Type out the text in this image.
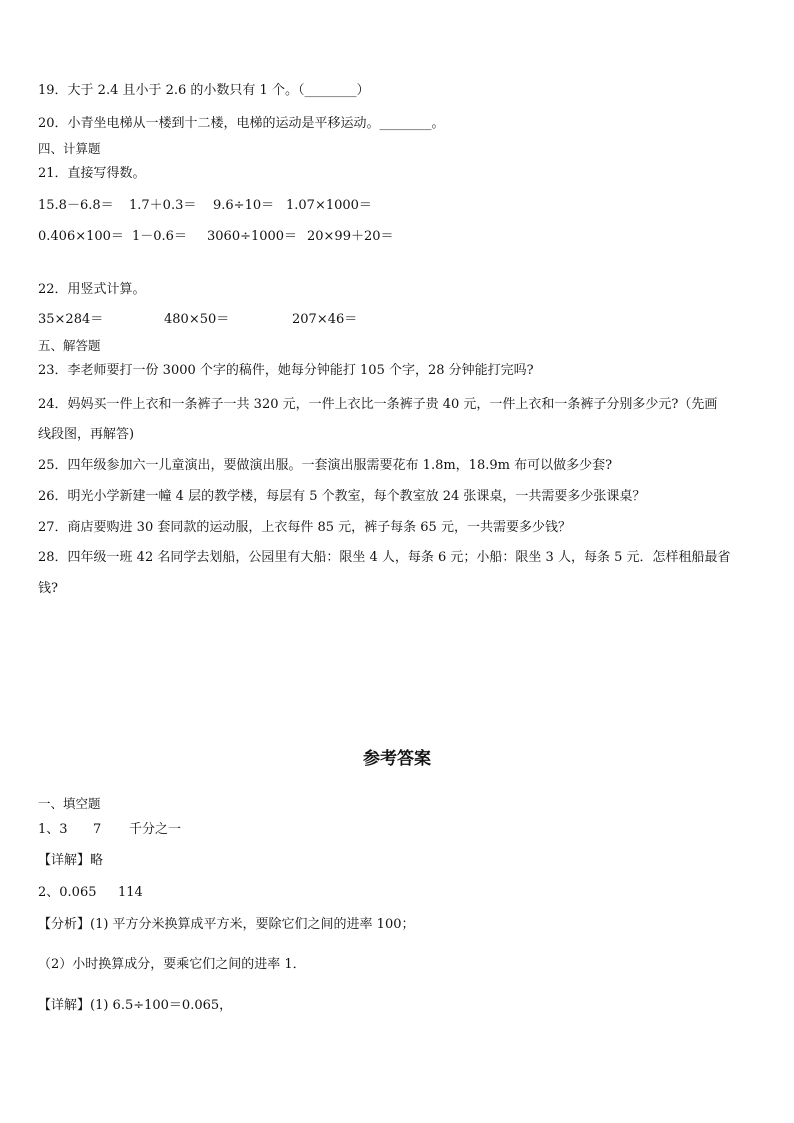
19．大于 2.4 且小于 2.6 的小数只有 1 个。（________）
20．小青坐电梯从一楼到十二楼，电梯的运动是平移运动。________。
四、计算题
21．直接写得数。
15.8－6.8＝	1.7＋0.3＝	9.6÷10＝ 1.07×1000＝
0.406×100＝ 1－0.6＝	3060÷1000＝ 20×99＋20＝
22．用竖式计算。
35×284＝	480×50＝	207×46＝
五、解答题
23．李老师要打一份 3000 个字的稿件，她每分钟能打 105 个字，28 分钟能打完吗?
24．妈妈买一件上衣和一条裤子一共 320 元，一件上衣比一条裤子贵 40 元，一件上衣和一条裤子分别多少元?（先画
线段图，再解答)
25．四年级参加六一儿童演出，要做演出服。一套演出服需要花布 1.8m，18.9m 布可以做多少套?
26．明光小学新建一幢 4 层的教学楼，每层有 5 个教室，每个教室放 24 张课桌，一共需要多少张课桌？
27．商店要购进 30 套同款的运动服，上衣每件 85 元，裤子每条 65 元，一共需要多少钱？
28．四年级一班 42 名同学去划船，公园里有大船：限坐 4 人，每条 6 元；小船：限坐 3 人，每条 5 元．怎样租船最省
钱?
参考答案
一、填空题
1、3	7	千分之一
【详解】略
2、0.065	114
【分析】(1) 平方分米换算成平方米，要除它们之间的进率 100；
（2）小时换算成分，要乘它们之间的进率 1．
【详解】(1) 6.5÷100＝0.065，
